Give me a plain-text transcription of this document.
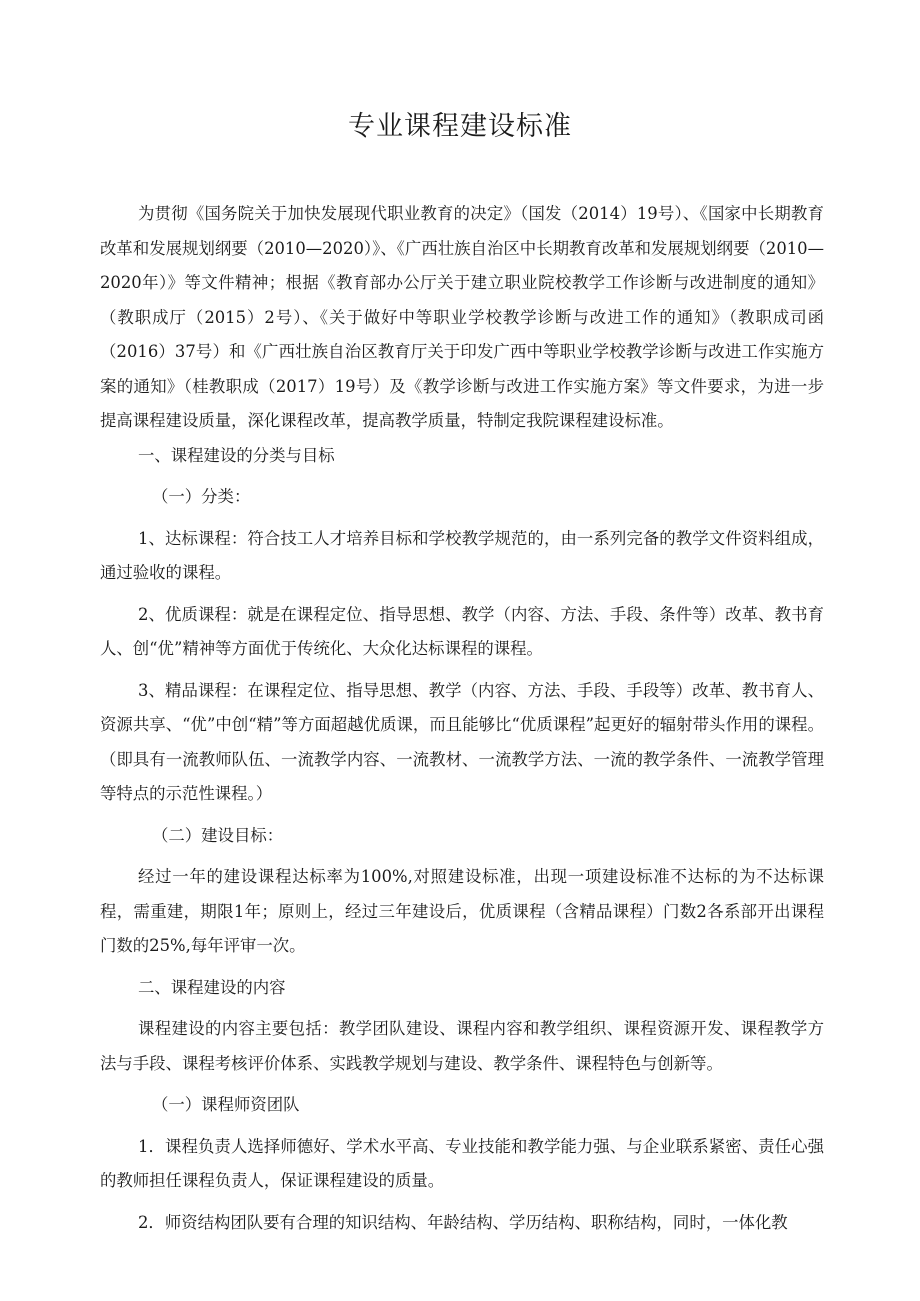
专业课程建设标准

为贯彻《国务院关于加快发展现代职业教育的决定》（国发（2014）19号）、《国家中长期教育改革和发展规划纲要（2010—2020）》、《广西壮族自治区中长期教育改革和发展规划纲要（2010—2020年）》等文件精神；根据《教育部办公厅关于建立职业院校教学工作诊断与改进制度的通知》（教职成厅（2015）2号）、《关于做好中等职业学校教学诊断与改进工作的通知》（教职成司函（2016）37号）和《广西壮族自治区教育厅关于印发广西中等职业学校教学诊断与改进工作实施方案的通知》（桂教职成（2017）19号）及《教学诊断与改进工作实施方案》等文件要求，为进一步提高课程建设质量，深化课程改革，提高教学质量，特制定我院课程建设标准。

一、课程建设的分类与目标

（一）分类：

1、达标课程：符合技工人才培养目标和学校教学规范的，由一系列完备的教学文件资料组成，通过验收的课程。

2、优质课程：就是在课程定位、指导思想、教学（内容、方法、手段、条件等）改革、教书育人、创“优”精神等方面优于传统化、大众化达标课程的课程。

3、精品课程：在课程定位、指导思想、教学（内容、方法、手段、手段等）改革、教书育人、资源共享、“优”中创“精”等方面超越优质课，而且能够比“优质课程”起更好的辐射带头作用的课程。（即具有一流教师队伍、一流教学内容、一流教材、一流教学方法、一流的教学条件、一流教学管理等特点的示范性课程。）

（二）建设目标：

经过一年的建设课程达标率为100%,对照建设标准，出现一项建设标准不达标的为不达标课程，需重建，期限1年；原则上，经过三年建设后，优质课程（含精品课程）门数2各系部开出课程门数的25%,每年评审一次。

二、课程建设的内容

课程建设的内容主要包括：教学团队建设、课程内容和教学组织、课程资源开发、课程教学方法与手段、课程考核评价体系、实践教学规划与建设、教学条件、课程特色与创新等。

（一）课程师资团队

1．课程负责人选择师德好、学术水平高、专业技能和教学能力强、与企业联系紧密、责任心强的教师担任课程负责人，保证课程建设的质量。

2．师资结构团队要有合理的知识结构、年龄结构、学历结构、职称结构，同时，一体化教
